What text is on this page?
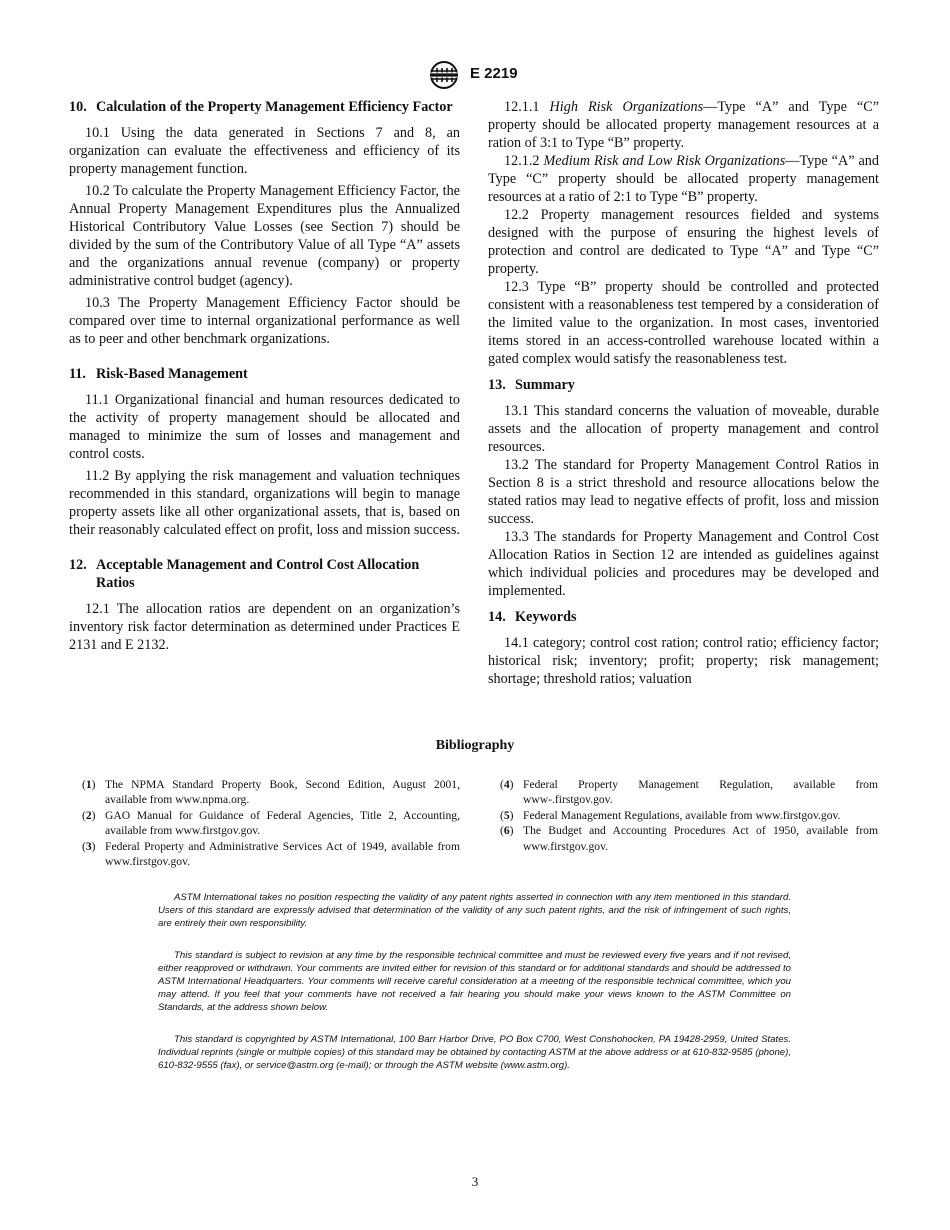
E 2219
10. Calculation of the Property Management Efficiency Factor

10.1 Using the data generated in Sections 7 and 8, an organization can evaluate the effectiveness and efficiency of its property management function.

10.2 To calculate the Property Management Efficiency Factor, the Annual Property Management Expenditures plus the Annualized Historical Contributory Value Losses (see Section 7) should be divided by the sum of the Contributory Value of all Type “A” assets and the organizations annual revenue (company) or property administrative control budget (agency).

10.3 The Property Management Efficiency Factor should be compared over time to internal organizational performance as well as to peer and other benchmark organizations.

11. Risk-Based Management

11.1 Organizational financial and human resources dedicated to the activity of property management should be allocated and managed to minimize the sum of losses and management and control costs.

11.2 By applying the risk management and valuation techniques recommended in this standard, organizations will begin to manage property assets like all other organizational assets, that is, based on their reasonably calculated effect on profit, loss and mission success.

12. Acceptable Management and Control Cost Allocation Ratios

12.1 The allocation ratios are dependent on an organization’s inventory risk factor determination as determined under Practices E 2131 and E 2132.

12.1.1 High Risk Organizations—Type “A” and Type “C” property should be allocated property management resources at a ration of 3:1 to Type “B” property.

12.1.2 Medium Risk and Low Risk Organizations—Type “A” and Type “C” property should be allocated property management resources at a ratio of 2:1 to Type “B” property.

12.2 Property management resources fielded and systems designed with the purpose of ensuring the highest levels of protection and control are dedicated to Type “A” and Type “C” property.

12.3 Type “B” property should be controlled and protected consistent with a reasonableness test tempered by a consideration of the limited value to the organization. In most cases, inventoried items stored in an access-controlled warehouse located within a gated complex would satisfy the reasonableness test.

13. Summary

13.1 This standard concerns the valuation of moveable, durable assets and the allocation of property management and control resources.

13.2 The standard for Property Management Control Ratios in Section 8 is a strict threshold and resource allocations below the stated ratios may lead to negative effects of profit, loss and mission success.

13.3 The standards for Property Management and Control Cost Allocation Ratios in Section 12 are intended as guidelines against which individual policies and procedures may be developed and implemented.

14. Keywords

14.1 category; control cost ration; control ratio; efficiency factor; historical risk; inventory; profit; property; risk management; shortage; threshold ratios; valuation

Bibliography
(1) The NPMA Standard Property Book, Second Edition, August 2001, available from www.npma.org.
(2) GAO Manual for Guidance of Federal Agencies, Title 2, Accounting, available from www.firstgov.gov.
(3) Federal Property and Administrative Services Act of 1949, available from www.firstgov.gov.
(4) Federal Property Management Regulation, available from www-.firstgov.gov.
(5) Federal Management Regulations, available from www.firstgov.gov.
(6) The Budget and Accounting Procedures Act of 1950, available from www.firstgov.gov.

ASTM International takes no position respecting the validity of any patent rights asserted in connection with any item mentioned in this standard. Users of this standard are expressly advised that determination of the validity of any such patent rights, and the risk of infringement of such rights, are entirely their own responsibility.

This standard is subject to revision at any time by the responsible technical committee and must be reviewed every five years and if not revised, either reapproved or withdrawn. Your comments are invited either for revision of this standard or for additional standards and should be addressed to ASTM International Headquarters. Your comments will receive careful consideration at a meeting of the responsible technical committee, which you may attend. If you feel that your comments have not received a fair hearing you should make your views known to the ASTM Committee on Standards, at the address shown below.

This standard is copyrighted by ASTM International, 100 Barr Harbor Drive, PO Box C700, West Conshohocken, PA 19428-2959, United States. Individual reprints (single or multiple copies) of this standard may be obtained by contacting ASTM at the above address or at 610-832-9585 (phone), 610-832-9555 (fax), or service@astm.org (e-mail); or through the ASTM website (www.astm.org).

3
